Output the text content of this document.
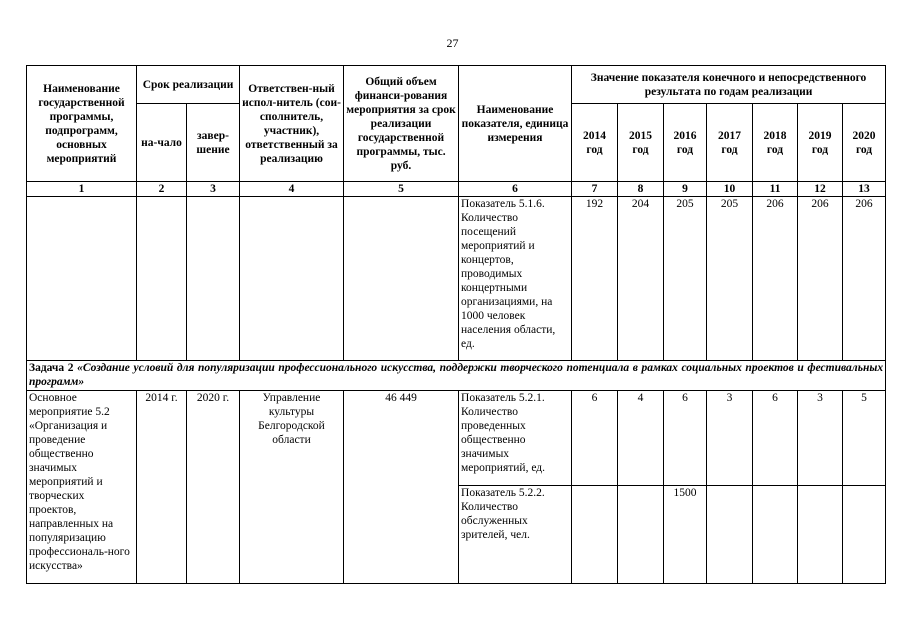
27
Наименование государственной программы, подпрограмм, основных мероприятий	Срок реализации		Ответствен-ный испол-нитель (сои-сполнитель, участник), ответственный за реализацию	Общий объем финанси-рования мероприятия за срок реализации государственной программы, тыс. руб.	Наименование показателя, единица измерения	Значение показателя конечного и непосредственного результата по годам реализации						
	на-чало	завер-шение				2014 год	2015 год	2016 год	2017 год	2018 год	2019 год	2020 год
1	2	3	4	5	6	7	8	9	10	11	12	13
					Показатель 5.1.6. Количество посещений мероприятий и концертов, проводимых концертными организациями, на 1000 человек населения области, ед.	192	204	205	205	206	206	206
Задача 2 «Создание условий для популяризации профессионального искусства, поддержки творческого потенциала в рамках социальных проектов и фестивальных программ»												
Основное мероприятие 5.2 «Организация и проведение общественно значимых мероприятий и творческих проектов, направленных на популяризацию профессиональ-ного искусства»	2014 г.	2020 г.	Управление культуры Белгородской области	46 449	Показатель 5.2.1. Количество проведенных общественно значимых мероприятий, ед.	6	4	6	3	6	3	5
					Показатель 5.2.2. Количество обслуженных зрителей, чел.			1500				
